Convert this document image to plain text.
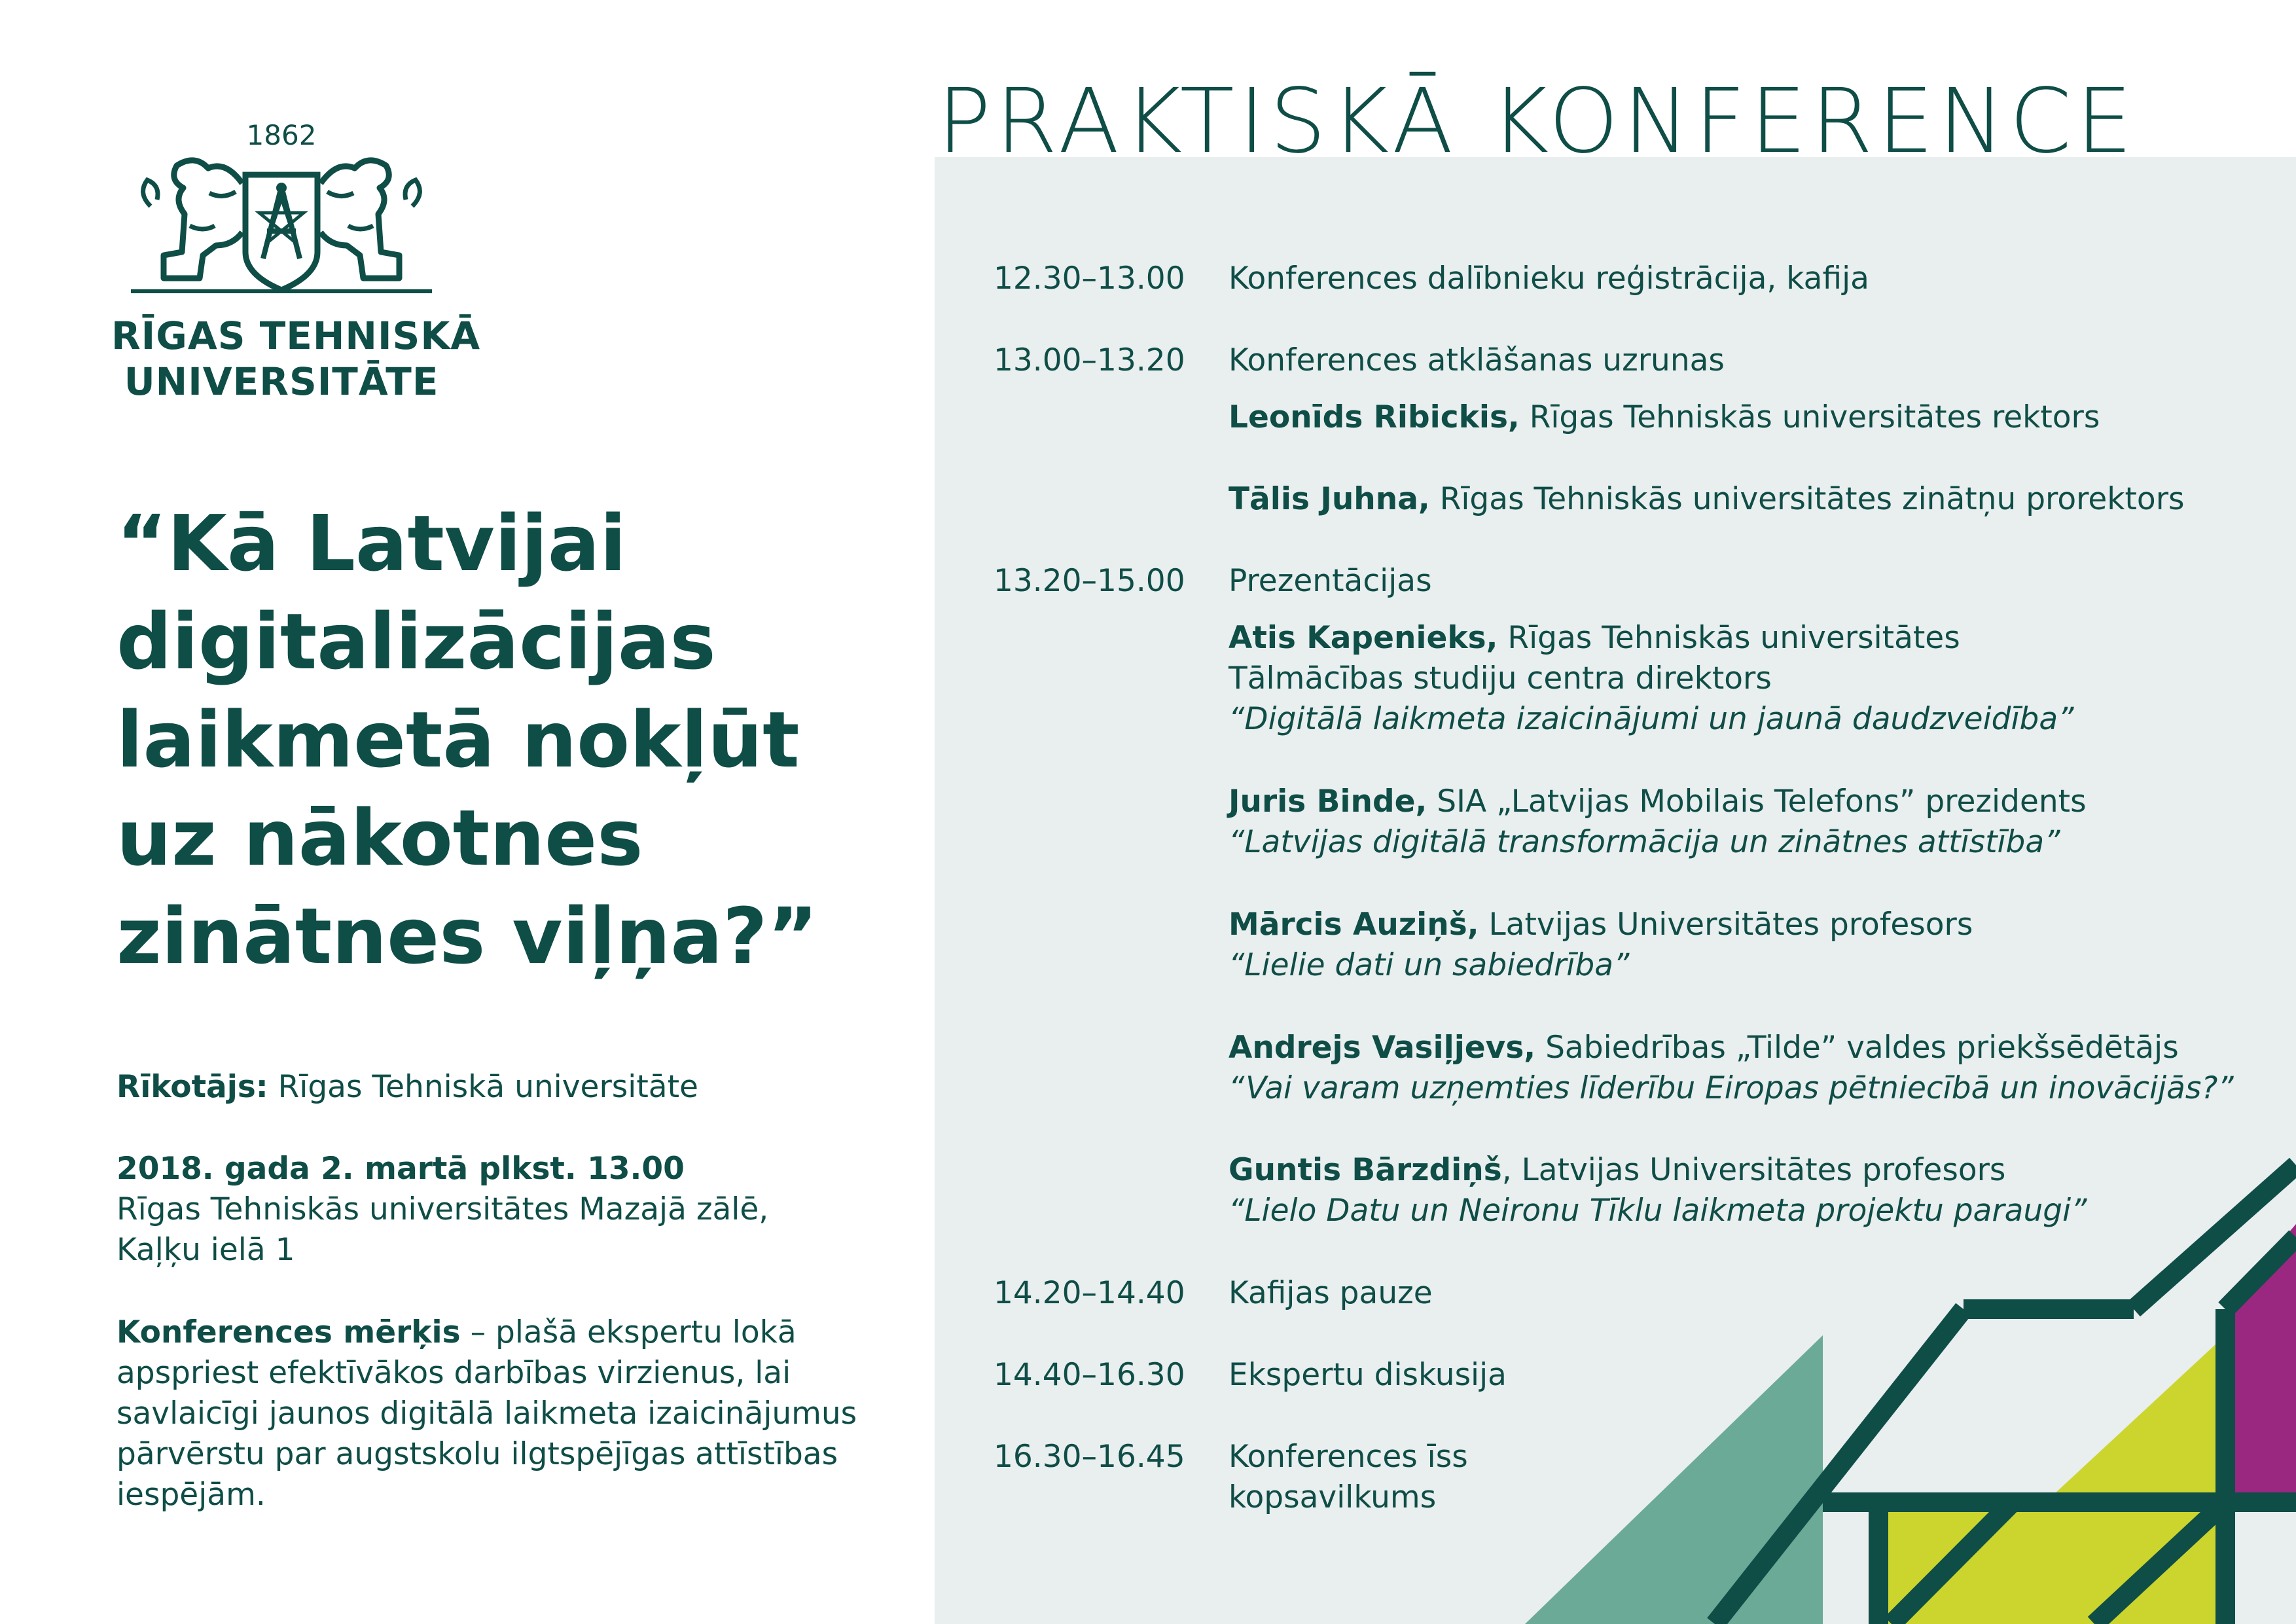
PRAKTISKĀ KONFERENCE
1862
RĪGAS TEHNISKĀ
UNIVERSITĀTE
“Kā Latvijai
digitalizācijas
laikmetā nokļūt
uz nākotnes
zinātnes viļņa?”
Rīkotājs: Rīgas Tehniskā universitāte
2018. gada 2. martā plkst. 13.00
Rīgas Tehniskās universitātes Mazajā zālē,
Kaļķu ielā 1
Konferences mērķis – plašā ekspertu lokā
apspriest efektīvākos darbības virzienus, lai
savlaicīgi jaunos digitālā laikmeta izaicinājumus
pārvērstu par augstskolu ilgtspējīgas attīstības
iespējām.
12.30–13.00 Konferences dalībnieku reģistrācija, kafija
13.00–13.20 Konferences atklāšanas uzrunas
Leonīds Ribickis, Rīgas Tehniskās universitātes rektors
Tālis Juhna, Rīgas Tehniskās universitātes zinātņu prorektors
13.20–15.00 Prezentācijas
Atis Kapenieks, Rīgas Tehniskās universitātes
Tālmācības studiju centra direktors
“Digitālā laikmeta izaicinājumi un jaunā daudzveidība”
Juris Binde, SIA „Latvijas Mobilais Telefons” prezidents
“Latvijas digitālā transformācija un zinātnes attīstība”
Mārcis Auziņš, Latvijas Universitātes profesors
“Lielie dati un sabiedrība”
Andrejs Vasiļjevs, Sabiedrības „Tilde” valdes priekšsēdētājs
“Vai varam uzņemties līderību Eiropas pētniecībā un inovācijās?”
Guntis Bārzdiņš, Latvijas Universitātes profesors
“Lielo Datu un Neironu Tīklu laikmeta projektu paraugi”
14.20–14.40 Kafijas pauze
14.40–16.30 Ekspertu diskusija
16.30–16.45 Konferences īss
kopsavilkums
